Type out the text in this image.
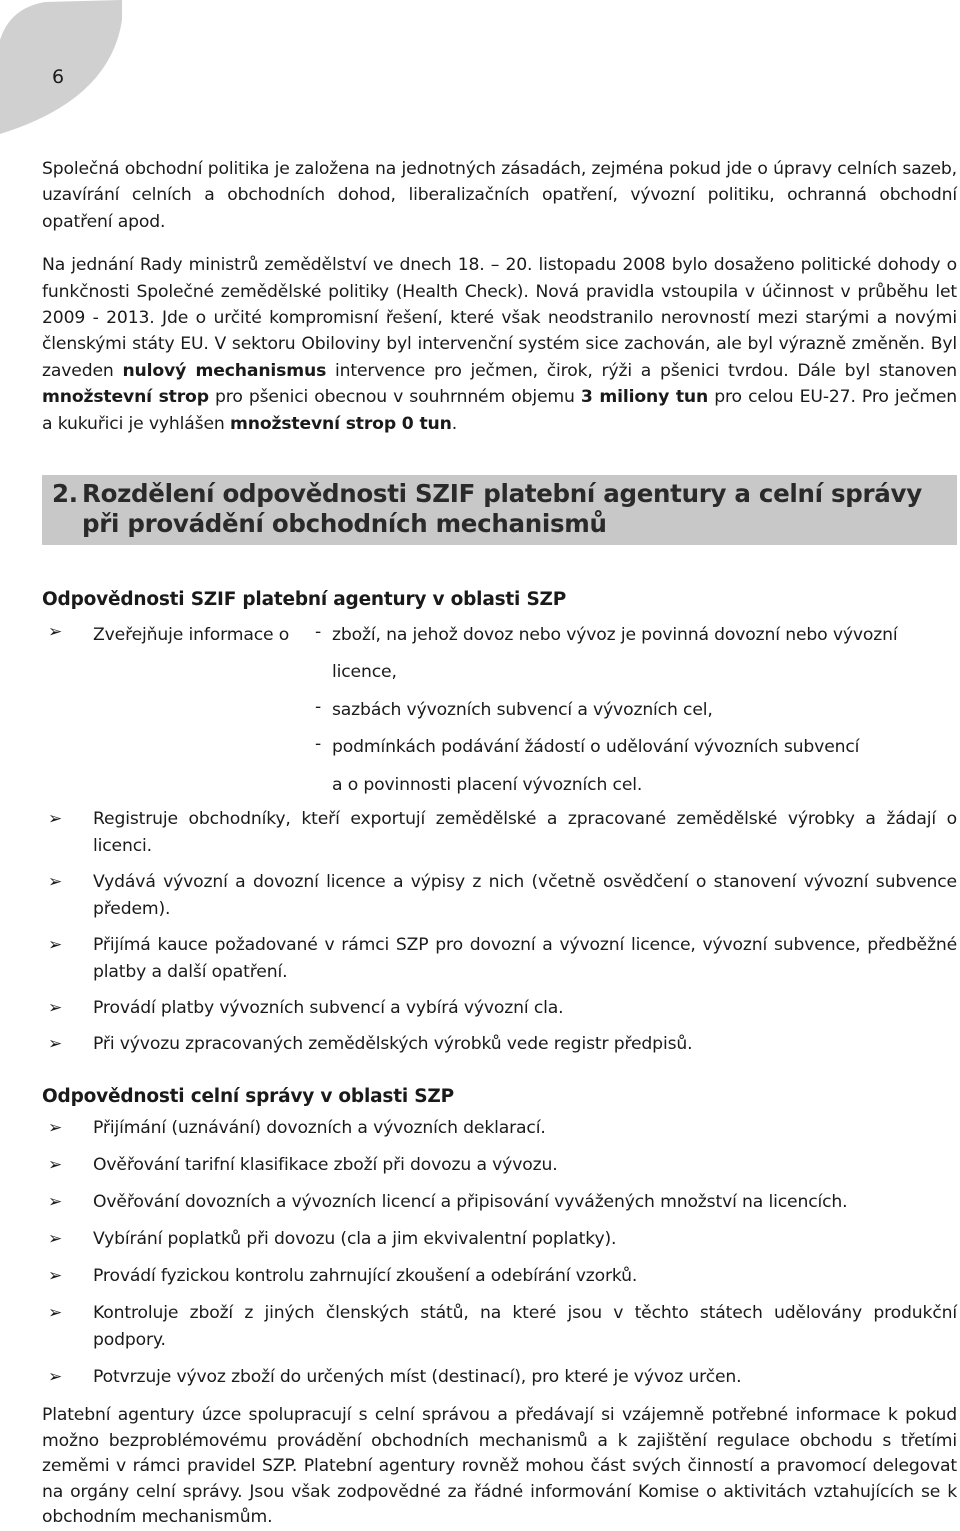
6

Společná obchodní politika je založena na jednotných zásadách, zejména pokud jde o úpravy celních sazeb, uzavírání celních a obchodních dohod, liberalizačních opatření, vývozní politiku, ochranná obchodní opatření apod.

Na jednání Rady ministrů zemědělství ve dnech 18. – 20. listopadu 2008 bylo dosaženo politické dohody o funkčnosti Společné zemědělské politiky (Health Check). Nová pravidla vstoupila v účinnost v průběhu let 2009 - 2013. Jde o určité kompromisní řešení, které však neodstranilo nerovností mezi starými a novými členskými státy EU. V sektoru Obiloviny byl intervenční systém sice zachován, ale byl výrazně změněn. Byl zaveden nulový mechanismus intervence pro ječmen, čirok, rýži a pšenici tvrdou. Dále byl stanoven množstevní strop pro pšenici obecnou v souhrnném objemu 3 miliony tun pro celou EU-27. Pro ječmen a kukuřici je vyhlášen množstevní strop 0 tun.

2. Rozdělení odpovědnosti SZIF platební agentury a celní správy
při provádění obchodních mechanismů
Odpovědnosti SZIF platební agentury v oblasti SZP
➢ Zveřejňuje informace o - zboží, na jehož dovoz nebo vývoz je povinná dovozní nebo vývozní
licence,
- sazbách vývozních subvencí a vývozních cel,
- podmínkách podávání žádostí o udělování vývozních subvencí
a o povinnosti placení vývozních cel.
➢ Registruje obchodníky, kteří exportují zemědělské a zpracované zemědělské výrobky a žádají o licenci.
➢ Vydává vývozní a dovozní licence a výpisy z nich (včetně osvědčení o stanovení vývozní subvence předem).
➢ Přijímá kauce požadované v rámci SZP pro dovozní a vývozní licence, vývozní subvence, předběžné platby a další opatření.
➢ Provádí platby vývozních subvencí a vybírá vývozní cla.
➢ Při vývozu zpracovaných zemědělských výrobků vede registr předpisů.
Odpovědnosti celní správy v oblasti SZP
➢ Přijímání (uznávání) dovozních a vývozních deklarací.
➢ Ověřování tarifní klasifikace zboží při dovozu a vývozu.
➢ Ověřování dovozních a vývozních licencí a připisování vyvážených množství na licencích.
➢ Vybírání poplatků při dovozu (cla a jim ekvivalentní poplatky).
➢ Provádí fyzickou kontrolu zahrnující zkoušení a odebírání vzorků.
➢ Kontroluje zboží z jiných členských států, na které jsou v těchto státech udělovány produkční podpory.
➢ Potvrzuje vývoz zboží do určených míst (destinací), pro které je vývoz určen.

Platební agentury úzce spolupracují s celní správou a předávají si vzájemně potřebné informace k pokud možno bezproblémovému provádění obchodních mechanismů a k zajištění regulace obchodu s třetími zeměmi v rámci pravidel SZP. Platební agentury rovněž mohou část svých činností a pravomocí delegovat na orgány celní správy. Jsou však zodpovědné za řádné informování Komise o aktivitách vztahujících se k obchodním mechanismům.
